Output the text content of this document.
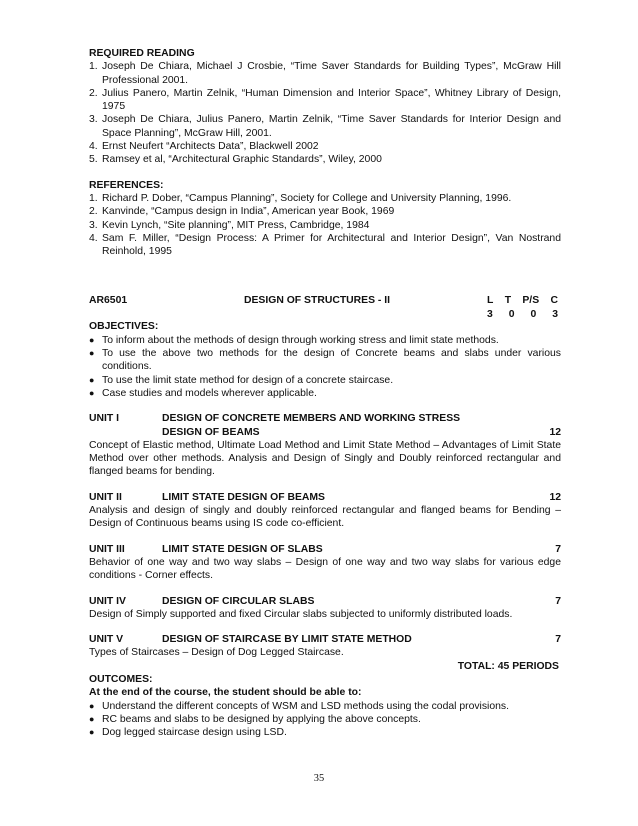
REQUIRED READING
1. Joseph De Chiara, Michael J Crosbie, “Time Saver Standards for Building Types”, McGraw Hill Professional 2001.
2. Julius Panero, Martin Zelnik, “Human Dimension and Interior Space”, Whitney Library of Design, 1975
3. Joseph De Chiara, Julius Panero, Martin Zelnik, “Time Saver Standards for Interior Design and Space Planning”, McGraw Hill, 2001.
4. Ernst Neufert “Architects Data”, Blackwell 2002
5. Ramsey et al, “Architectural Graphic Standards”, Wiley, 2000
REFERENCES:
1. Richard P. Dober, “Campus Planning”, Society for College and University Planning, 1996.
2. Kanvinde, “Campus design in India”, American year Book, 1969
3. Kevin Lynch, “Site planning”, MIT Press, Cambridge, 1984
4. Sam F. Miller, “Design Process: A Primer for Architectural and Interior Design”, Van Nostrand Reinhold, 1995
AR6501	DESIGN OF STRUCTURES - II	L T P/S C
3 0 0 3
OBJECTIVES:
● To inform about the methods of design through working stress and limit state methods.
● To use the above two methods for the design of Concrete beams and slabs under various conditions.
● To use the limit state method for design of a concrete staircase.
● Case studies and models wherever applicable.
UNIT I	DESIGN OF CONCRETE MEMBERS AND WORKING STRESS
DESIGN OF BEAMS	12
Concept of Elastic method, Ultimate Load Method and Limit State Method – Advantages of Limit State Method over other methods. Analysis and Design of Singly and Doubly reinforced rectangular and flanged beams for bending.
UNIT II	LIMIT STATE DESIGN OF BEAMS	12
Analysis and design of singly and doubly reinforced rectangular and flanged beams for Bending – Design of Continuous beams using IS code co-efficient.
UNIT III	LIMIT STATE DESIGN OF SLABS	7
Behavior of one way and two way slabs – Design of one way and two way slabs for various edge conditions - Corner effects.
UNIT IV	DESIGN OF CIRCULAR SLABS	7
Design of Simply supported and fixed Circular slabs subjected to uniformly distributed loads.
UNIT V	DESIGN OF STAIRCASE BY LIMIT STATE METHOD	7
Types of Staircases – Design of Dog Legged Staircase.
TOTAL: 45 PERIODS
OUTCOMES:
At the end of the course, the student should be able to:
● Understand the different concepts of WSM and LSD methods using the codal provisions.
● RC beams and slabs to be designed by applying the above concepts.
● Dog legged staircase design using LSD.
35
